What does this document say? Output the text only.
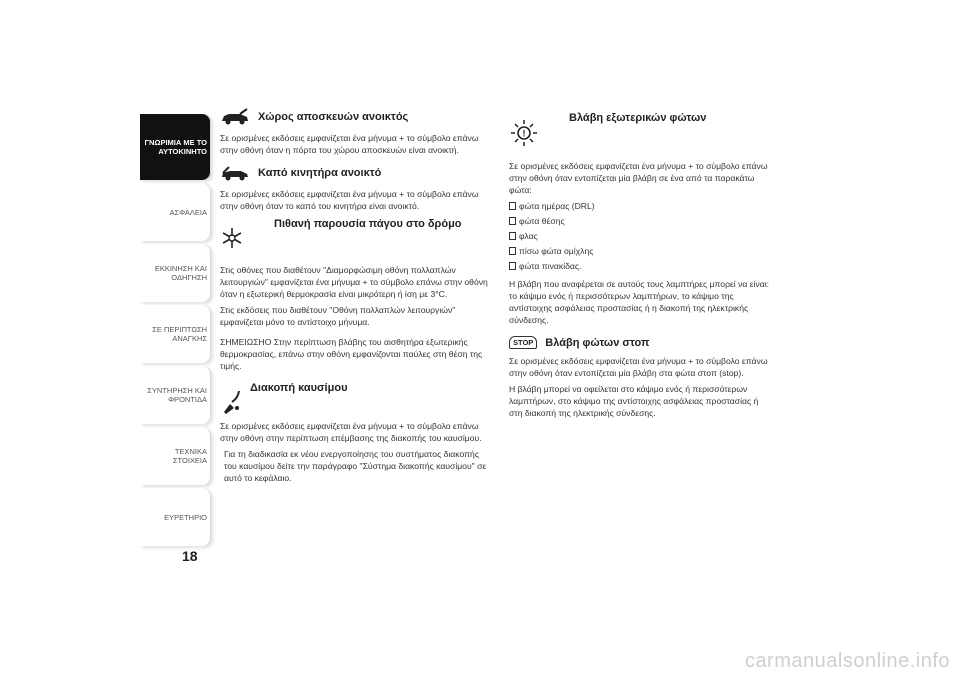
ΓΝΩΡΙΜΙΑ ΜΕ ΤΟ
ΑΥΤΟΚΙΝΗΤΟ
ΑΣΦΑΛΕΙΑ
ΕΚΚΙΝΗΣΗ ΚΑΙ
ΟΔΗΓΗΣΗ
ΣΕ ΠΕΡΙΠΤΩΣΗ
ΑΝΑΓΚΗΣ
ΣΥΝΤΗΡΗΣΗ ΚΑΙ
ΦΡΟΝΤΙΔΑ
ΤΕΧΝΙΚΑ ΣΤΟΙΧΕΙΑ
ΕΥΡΕΤΗΡΙΟ
18
Χώρος αποσκευών ανοικτός

Σε ορισμένες εκδόσεις εμφανίζεται ένα μήνυμα + το σύμβολο επάνω στην οθόνη όταν η πόρτα του χώρου αποσκευών είναι ανοικτή.

Καπό κινητήρα ανοικτό

Σε ορισμένες εκδόσεις εμφανίζεται ένα μήνυμα + το σύμβολο επάνω στην οθόνη όταν το καπό του κινητήρα είναι ανοικτό.

Πιθανή παρουσία πάγου στο δρόμο

Στις οθόνες που διαθέτουν "Διαμορφώσιμη οθόνη πολλαπλών λειτουργιών" εμφανίζεται ένα μήνυμα + το σύμβολο επάνω στην οθόνη όταν η εξωτερική θερμοκρασία είναι μικρότερη ή ίση με 3°C.

Στις εκδόσεις που διαθέτουν "Οθόνη πολλαπλών λειτουργιών" εμφανίζεται μόνο το αντίστοιχο μήνυμα.

ΣΗΜΕΙΩΣΗΟ Στην περίπτωση βλάβης του αισθητήρα εξωτερικής θερμοκρασίας, επάνω στην οθόνη εμφανίζονται παύλες στη θέση της τιμής.

Διακοπή καυσίμου

Σε ορισμένες εκδόσεις εμφανίζεται ένα μήνυμα + το σύμβολο επάνω στην οθόνη στην περίπτωση επέμβασης της διακοπής του καυσίμου.

Για τη διαδικασία εκ νέου ενεργοποίησης του συστήματος διακοπής του καυσίμου δείτε την παράγραφο "Σύστημα διακοπής καυσίμου" σε αυτό το κεφάλαιο.

!
Βλάβη εξωτερικών φώτων

Σε ορισμένες εκδόσεις εμφανίζεται ένα μήνυμα + το σύμβολο επάνω στην οθόνη όταν εντοπίζεται μία βλάβη σε ένα από τα παρακάτω φώτα:

φώτα ημέρας (DRL)
φώτα θέσης
φλας
πίσω φώτα ομίχλης
φώτα πινακίδας.

Η βλάβη που αναφέρεται σε αυτούς τους λαμπτήρες μπορεί να είναι: το κάψιμο ενός ή περισσότερων λαμπτήρων, το κάψιμο της αντίστοιχης ασφάλειας προστασίας ή η διακοπή της ηλεκτρικής σύνδεσης.

STOP	Βλάβη φώτων στοπ

Σε ορισμένες εκδόσεις εμφανίζεται ένα μήνυμα + το σύμβολο επάνω στην οθόνη όταν εντοπίζεται μία βλάβη στα φώτα στοπ (stop).

Η βλάβη μπορεί να οφείλεται στο κάψιμο ενός ή περισσότερων λαμπτήρων, στο κάψιμο της αντίστοιχης ασφάλειας προστασίας ή στη διακοπή της ηλεκτρικής σύνδεσης.

carmanualsonline.info
